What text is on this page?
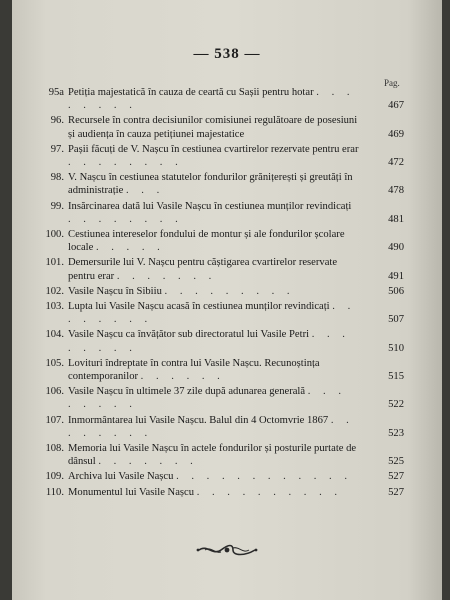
— 538 —
Pag.
95a Petiția majestatică în cauza de ceartă cu Sașii pentru hotar . . . . . . . .	467
96. Recursele în contra decisiunilor comisiunei regulătoare de posesiuni și audiența în cauza petițiunei majestatice	469
97. Pașii făcuți de V. Nașcu în cestiunea cvartirelor rezervate pentru erar . . . . . . . .	472
98. V. Nașcu în cestiunea statutelor fondurilor grănițerești și greutăți în administrație . . .	478
99. Insărcinarea dată lui Vasile Nașcu în cestiunea munților revindicați . . . . . . . .	481
100. Cestiunea intereselor fondului de montur și ale fondurilor școlare locale . . . . .	490
101. Demersurile lui V. Nașcu pentru căștigarea cvartirelor reservate pentru erar . . . . . . .	491
102. Vasile Nașcu în Sibiiu . . . . . . . . .	506
103. Lupta lui Vasile Nașcu acasă în cestiunea munților revindicați . . . . . . . .	507
104. Vasile Nașcu ca învățător sub directoratul lui Vasile Petri . . . . . . . .	510
105. Lovituri îndreptate în contra lui Vasile Nașcu. Recunoștința contemporanilor . . . . . .	515
106. Vasile Nașcu în ultimele 37 zile după adunarea generală . . . . . . . .	522
107. Inmormântarea lui Vasile Nașcu. Balul din 4 Octomvrie 1867 . . . . . . . .	523
108. Memoria lui Vasile Nașcu în actele fondurilor și posturile purtate de dânsul . . . . . . .	525
109. Archiva lui Vasile Nașcu . . . . . . . . . . . .	527
110. Monumentul lui Vasile Nașcu . . . . . . . . . .	527
